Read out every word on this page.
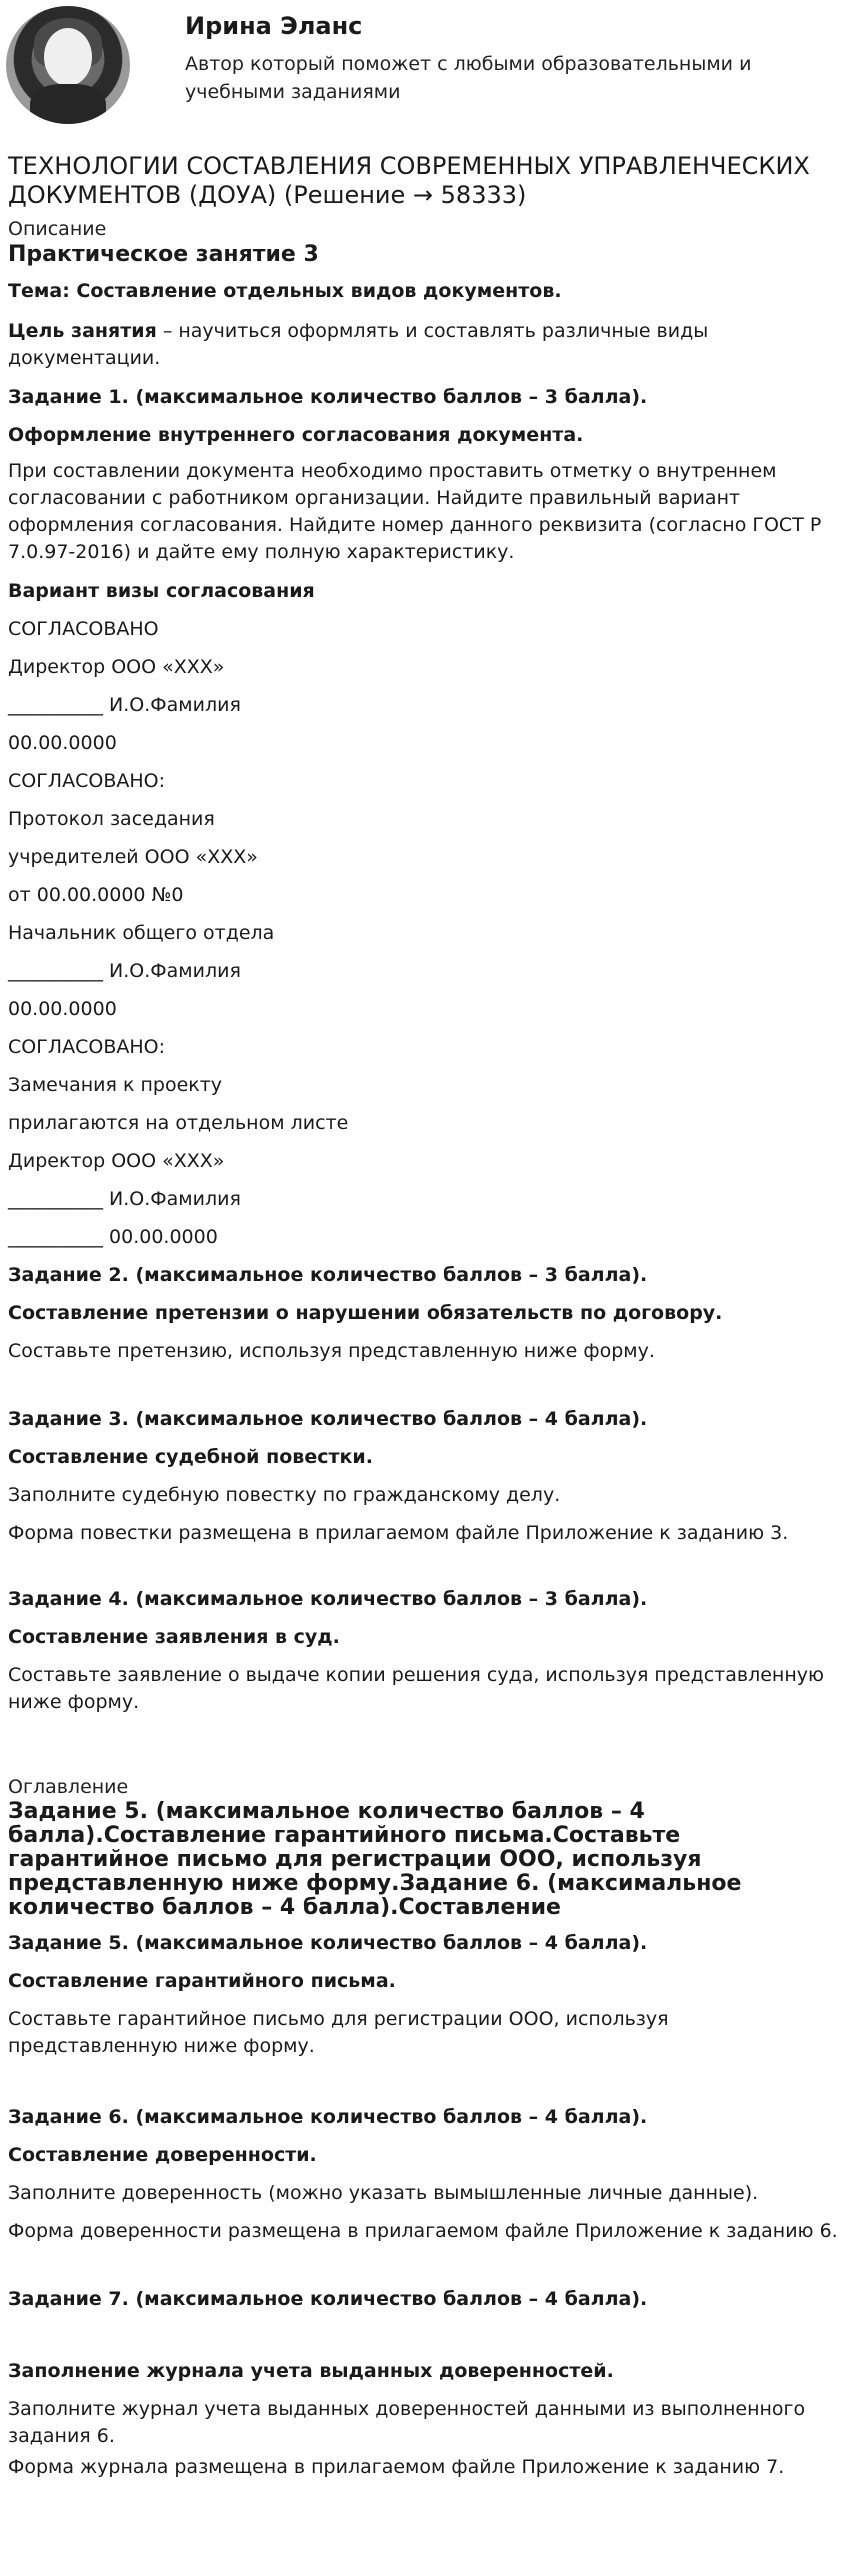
Ирина Эланс
Автор который поможет с любыми образовательными и учебными заданиями
ТЕХНОЛОГИИ СОСТАВЛЕНИЯ СОВРЕМЕННЫХ УПРАВЛЕНЧЕСКИХ ДОКУМЕНТОВ (ДОУА) (Решение → 58333)
Описание
Практическое занятие 3

Тема: Составление отдельных видов документов.

Цель занятия – научиться оформлять и составлять различные виды документации.

Задание 1. (максимальное количество баллов – 3 балла).

Оформление внутреннего согласования документа.

При составлении документа необходимо проставить отметку о внутреннем согласовании с работником организации. Найдите правильный вариант оформления согласования. Найдите номер данного реквизита (согласно ГОСТ Р 7.0.97-2016) и дайте ему полную характеристику.

Вариант визы согласования

СОГЛАСОВАНО

Директор ООО «ХХХ»

__________ И.О.Фамилия

00.00.0000

СОГЛАСОВАНО:

Протокол заседания

учредителей ООО «ХХХ»

от 00.00.0000 №0

Начальник общего отдела

__________ И.О.Фамилия

00.00.0000

СОГЛАСОВАНО:

Замечания к проекту

прилагаются на отдельном листе

Директор ООО «ХХХ»

__________ И.О.Фамилия

__________ 00.00.0000

Задание 2. (максимальное количество баллов – 3 балла).

Составление претензии о нарушении обязательств по договору.

Составьте претензию, используя представленную ниже форму.

Задание 3. (максимальное количество баллов – 4 балла).

Составление судебной повестки.

Заполните судебную повестку по гражданскому делу.

Форма повестки размещена в прилагаемом файле Приложение к заданию 3.

Задание 4. (максимальное количество баллов – 3 балла).

Составление заявления в суд.

Составьте заявление о выдаче копии решения суда, используя представленную ниже форму.

Оглавление
Задание 5. (максимальное количество баллов – 4 балла).Составление гарантийного письма.Составьте гарантийное письмо для регистрации ООО, используя представленную ниже форму.Задание 6. (максимальное количество баллов – 4 балла).Составление

Задание 5. (максимальное количество баллов – 4 балла).

Составление гарантийного письма.

Составьте гарантийное письмо для регистрации ООО, используя представленную ниже форму.

Задание 6. (максимальное количество баллов – 4 балла).

Составление доверенности.

Заполните доверенность (можно указать вымышленные личные данные).

Форма доверенности размещена в прилагаемом файле Приложение к заданию 6.

Задание 7. (максимальное количество баллов – 4 балла).

Заполнение журнала учета выданных доверенностей.

Заполните журнал учета выданных доверенностей данными из выполненного задания 6.

Форма журнала размещена в прилагаемом файле Приложение к заданию 7.
